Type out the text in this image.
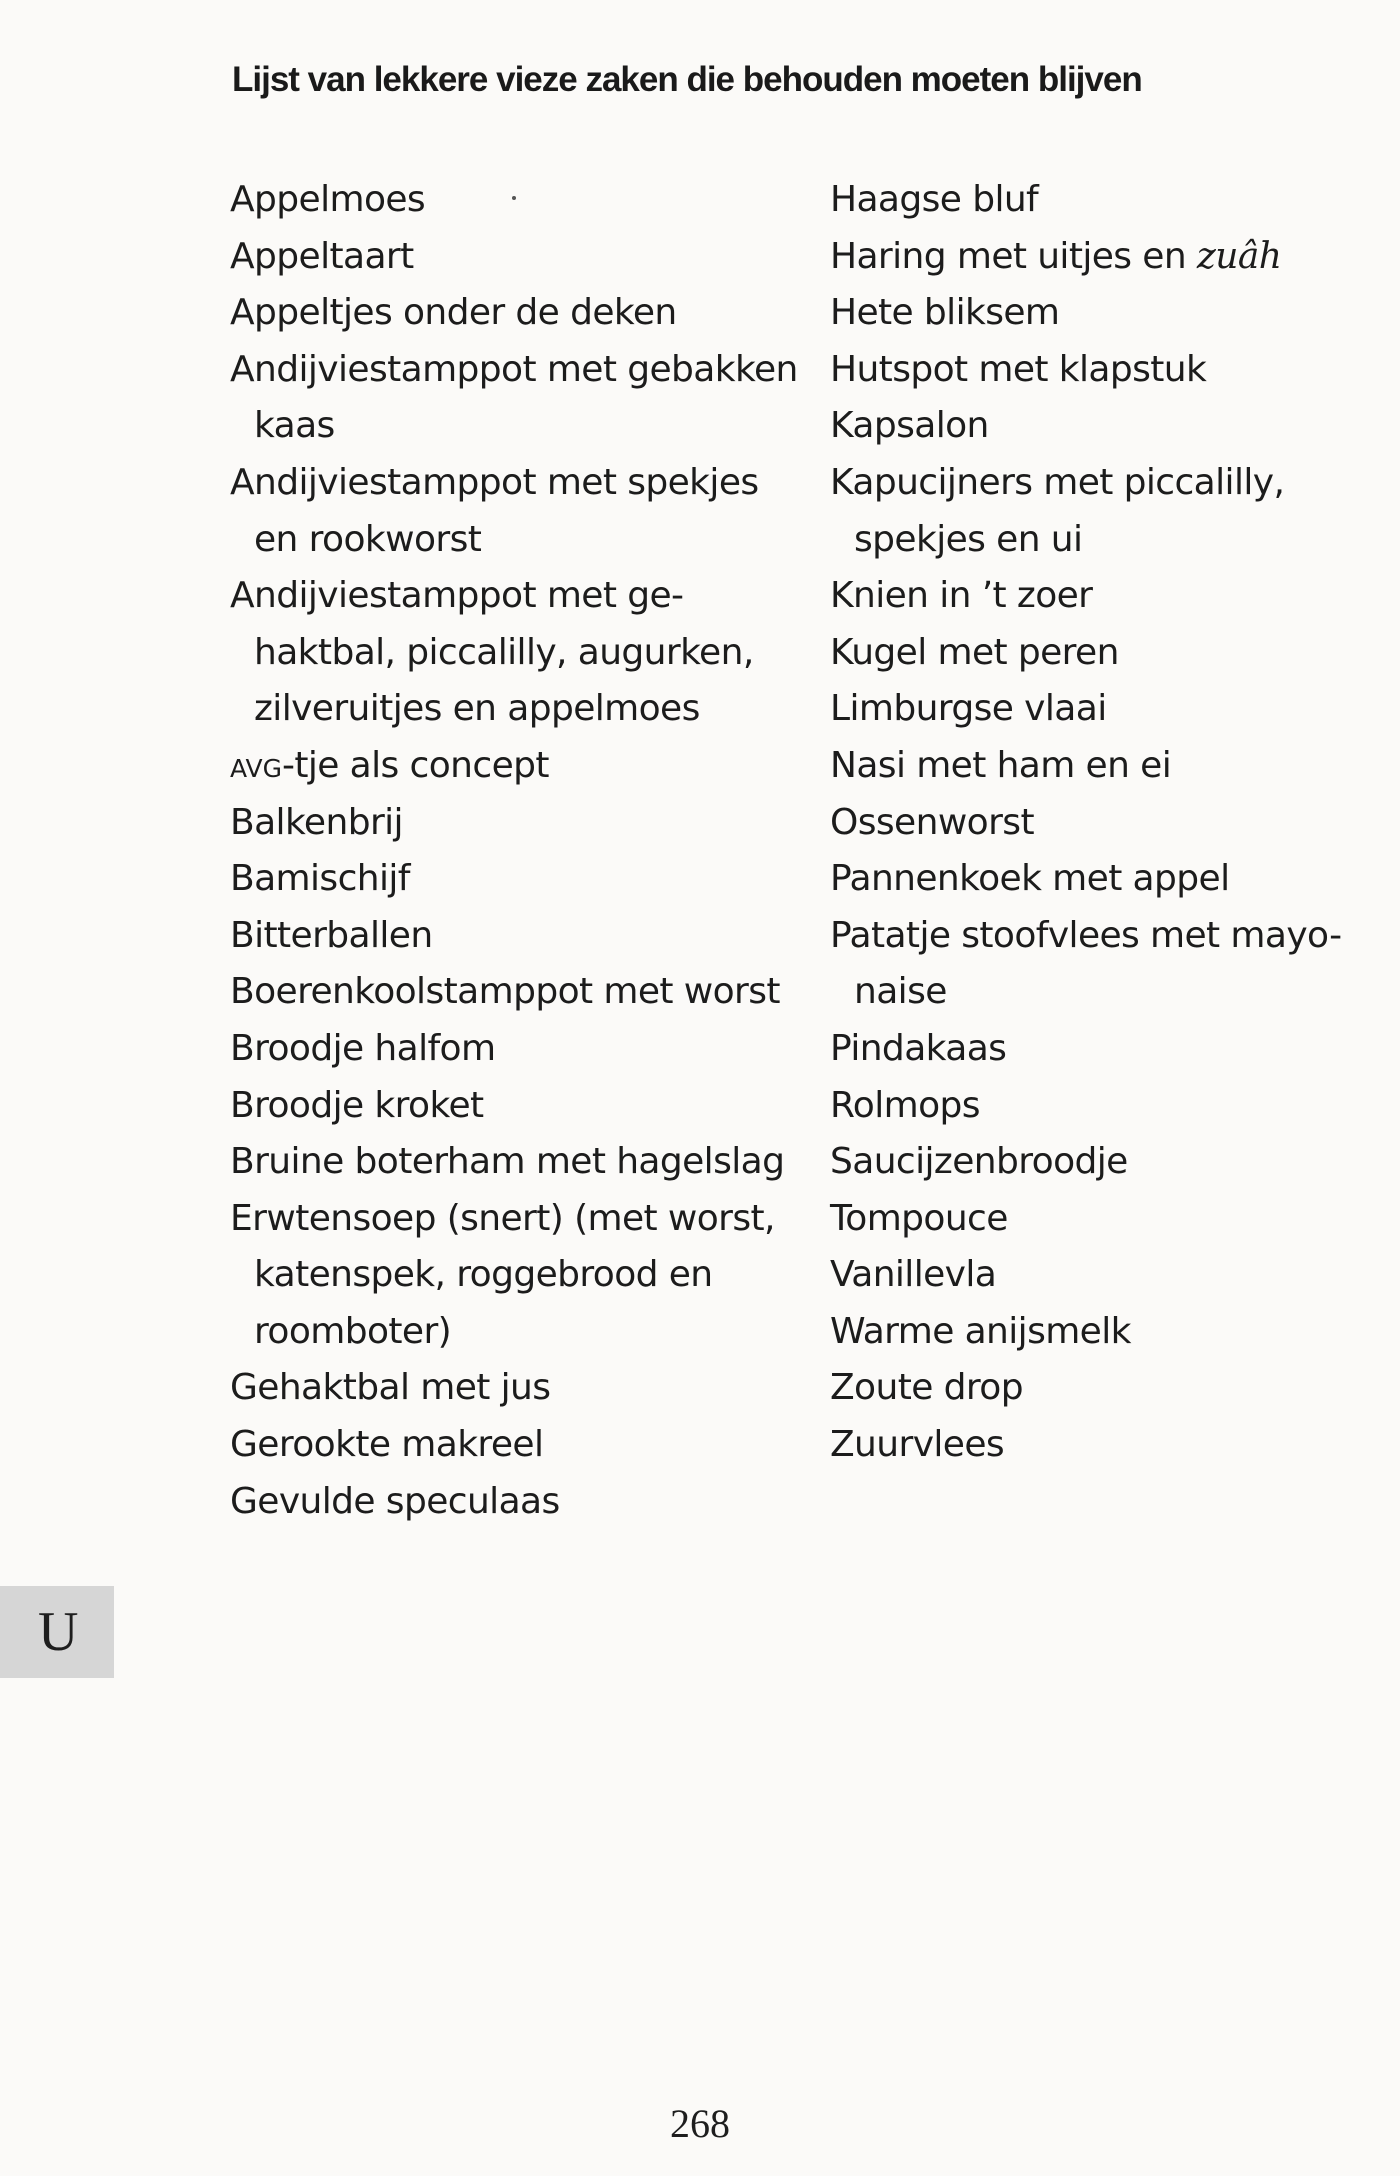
Lijst van lekkere vieze zaken die behouden moeten blijven
Appelmoes
Appeltaart
Appeltjes onder de deken
Andijviestamppot met gebakken
kaas
Andijviestamppot met spekjes
en rookworst
Andijviestamppot met ge-
haktbal, piccalilly, augurken,
zilveruitjes en appelmoes
avg-tje als concept
Balkenbrij
Bamischijf
Bitterballen
Boerenkoolstamppot met worst
Broodje halfom
Broodje kroket
Bruine boterham met hagelslag
Erwtensoep (snert) (met worst,
katenspek, roggebrood en
roomboter)
Gehaktbal met jus
Gerookte makreel
Gevulde speculaas
Haagse bluf
Haring met uitjes en zuâh
Hete bliksem
Hutspot met klapstuk
Kapsalon
Kapucijners met piccalilly,
spekjes en ui
Knien in ’t zoer
Kugel met peren
Limburgse vlaai
Nasi met ham en ei
Ossenworst
Pannenkoek met appel
Patatje stoofvlees met mayo-
naise
Pindakaas
Rolmops
Saucijzenbroodje
Tompouce
Vanillevla
Warme anijsmelk
Zoute drop
Zuurvlees
U
268
